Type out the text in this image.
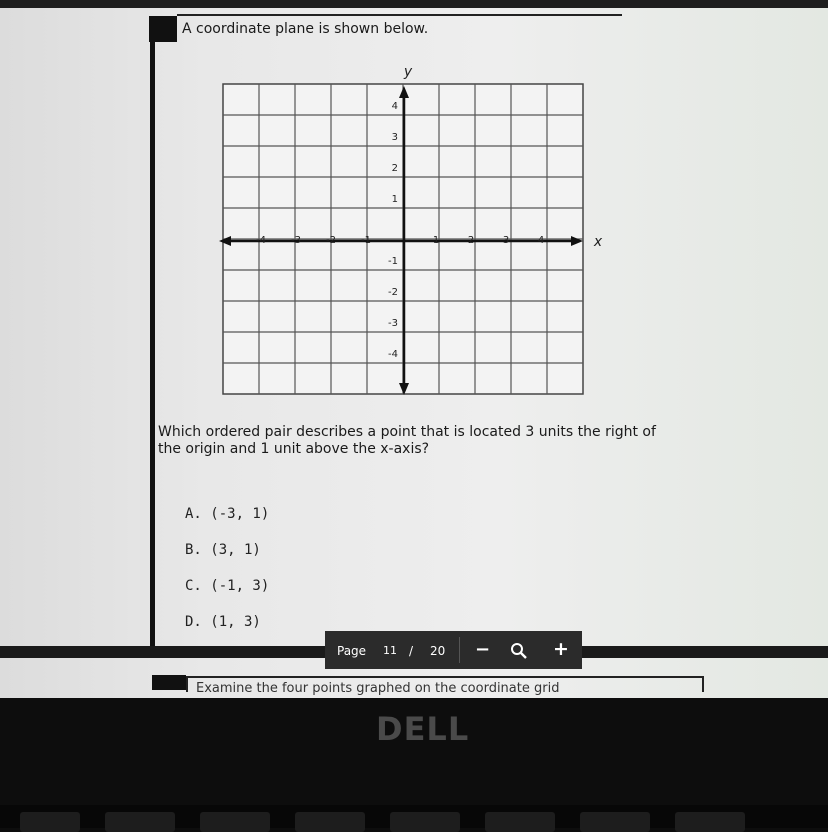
A coordinate plane is shown below.

-4	-3	-2	-1	1	2	3	4
4
3
2
1
-1
-2
-3
-4
y
x

Which ordered pair describes a point that is located 3 units the right of the origin and 1 unit above the x-axis?

A. (-3, 1)
B. (3, 1)
C. (-1, 3)
D. (1, 3)
Page 11 / 20 −	+
Examine the four points graphed on the coordinate grid
DELL
